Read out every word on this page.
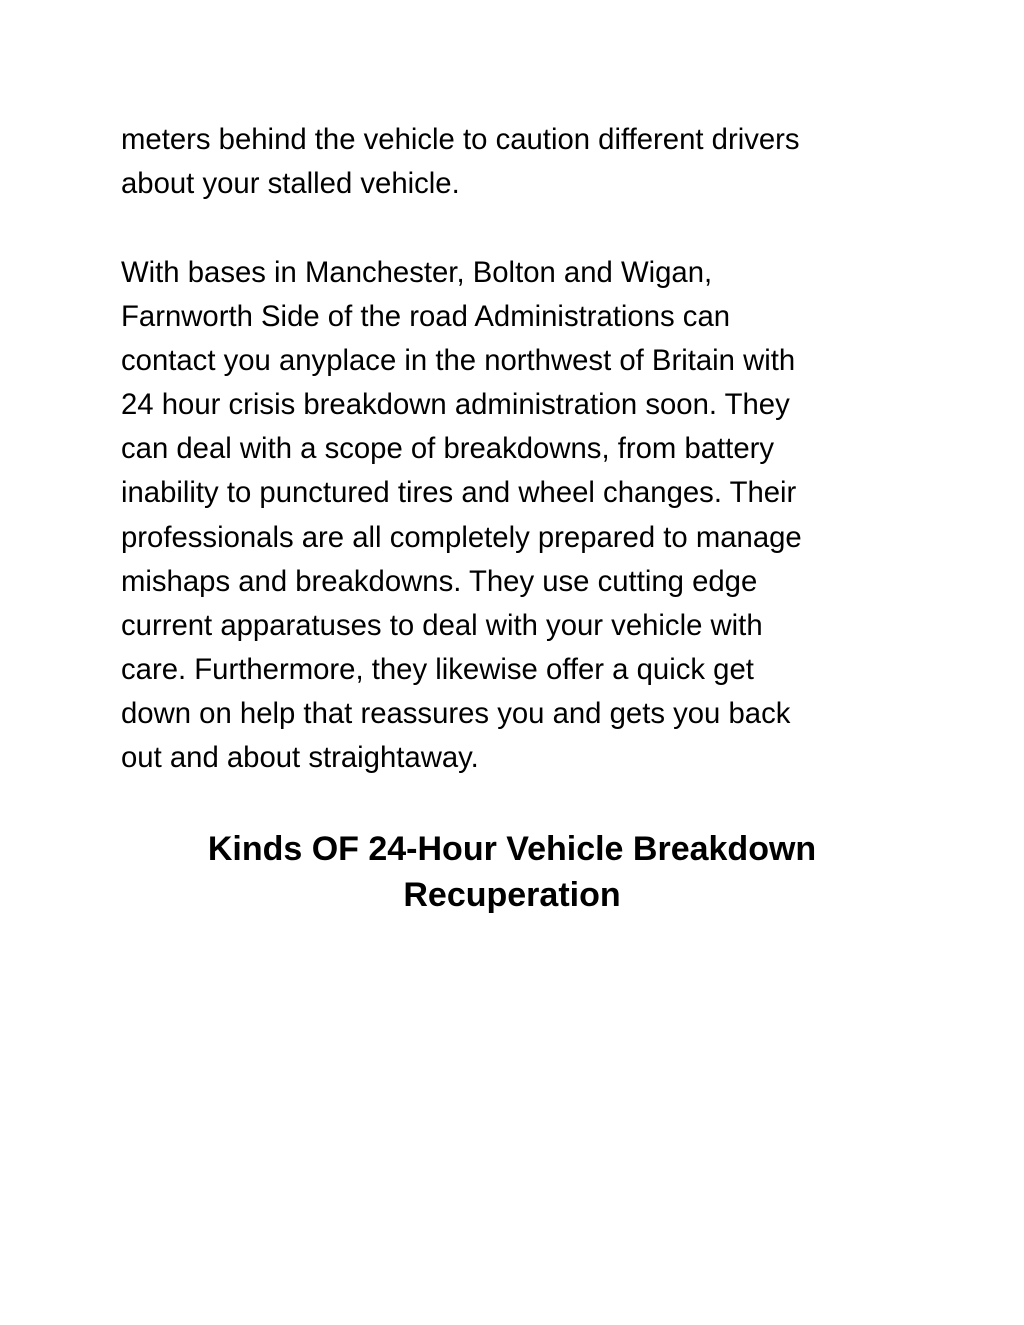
meters behind the vehicle to caution different drivers
about your stalled vehicle.

With bases in Manchester, Bolton and Wigan,
Farnworth Side of the road Administrations can
contact you anyplace in the northwest of Britain with
24 hour crisis breakdown administration soon. They
can deal with a scope of breakdowns, from battery
inability to punctured tires and wheel changes. Their
professionals are all completely prepared to manage
mishaps and breakdowns. They use cutting edge
current apparatuses to deal with your vehicle with
care. Furthermore, they likewise offer a quick get
down on help that reassures you and gets you back
out and about straightaway.

Kinds OF 24-Hour Vehicle Breakdown
Recuperation
